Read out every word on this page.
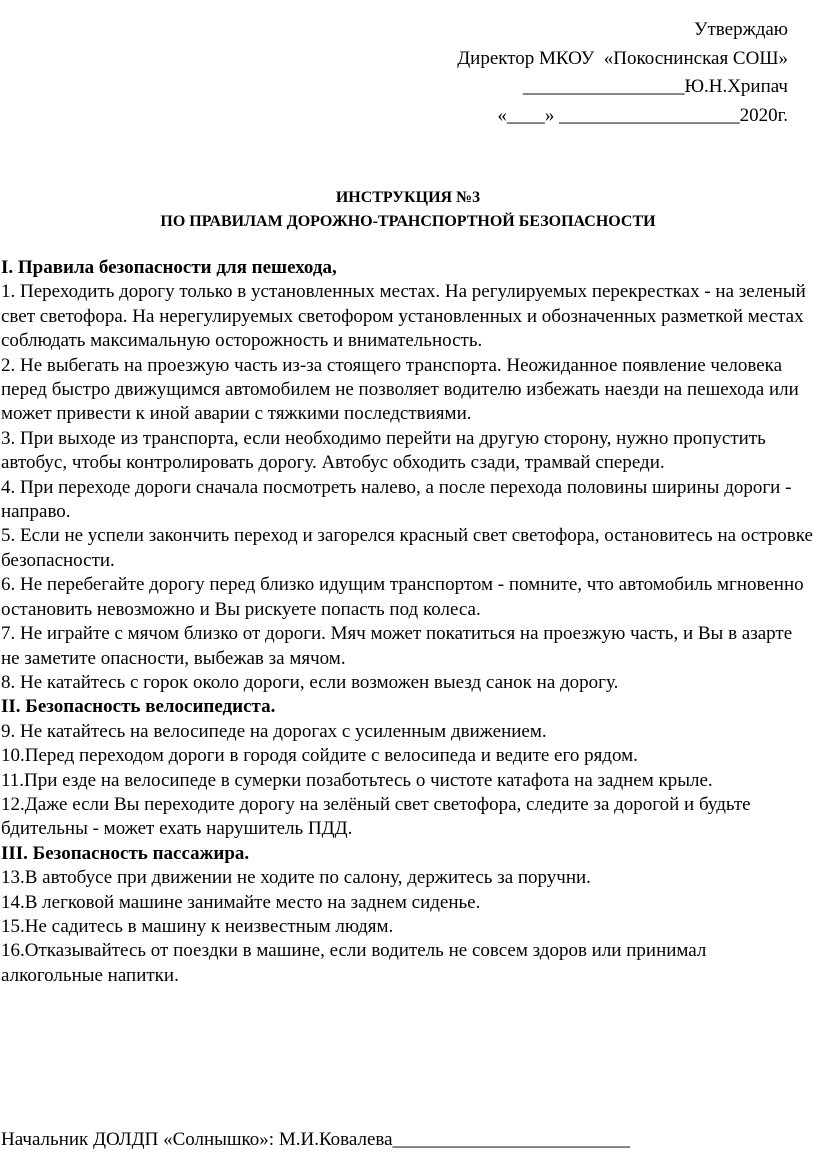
Утверждаю
Директор МКОУ  «Покоснинская СОШ»
_________________Ю.Н.Хрипач
«____» ___________________2020г.
ИНСТРУКЦИЯ №3
ПО ПРАВИЛАМ ДОРОЖНО-ТРАНСПОРТНОЙ БЕЗОПАСНОСТИ
I. Правила безопасности для пешехода,
1. Переходить дорогу только в установленных местах. На регулируемых перекрестках - на зеленый свет светофора. На нерегулируемых светофором установленных и обозначенных разметкой местах
соблюдать максимальную осторожность и внимательность.
2. Не выбегать на проезжую часть из-за стоящего транспорта. Неожиданное появление человека перед быстро движущимся автомобилем не позволяет водителю избежать наезди на пешехода или
может привести к иной аварии с тяжкими последствиями.
3. При выходе из транспорта, если необходимо перейти на другую сторону, нужно пропустить автобус, чтобы контролировать дорогу. Автобус обходить сзади, трамвай спереди.
4. При переходе дороги сначала посмотреть налево, а после перехода половины ширины дороги - направо.
5. Если не успели закончить переход и загорелся красный свет светофора, остановитесь на островке безопасности.
6. Не перебегайте дорогу перед близко идущим транспортом - помните, что автомобиль мгновенно остановить невозможно и Вы рискуете попасть под колеса.
7. Не играйте с мячом близко от дороги. Мяч может покатиться на проезжую часть, и Вы в азарте не заметите опасности, выбежав за мячом.
8. Не катайтесь с горок около дороги, если возможен выезд санок на дорогу.
II. Безопасность велосипедиста.
9. Не катайтесь на велосипеде на дорогах с усиленным движением.
10.Перед переходом дороги в городя сойдите с велосипеда и ведите его рядом.
11.При езде на велосипеде в сумерки позаботьтесь о чистоте катафота на заднем крыле.
12.Даже если Вы переходите дорогу на зелёный свет светофора, следите за дорогой и будьте бдительны - может ехать нарушитель ПДД.
III. Безопасность пассажира.
13.В автобусе при движении не ходите по салону, держитесь за поручни.
14.В легковой машине занимайте место на заднем сиденье.
15.Не садитесь в машину к неизвестным людям.
16.Отказывайтесь от поездки в машине, если водитель не совсем здоров или принимал алкогольные напитки.
Начальник ДОЛДП «Солнышко»: М.И.Ковалева_________________________
